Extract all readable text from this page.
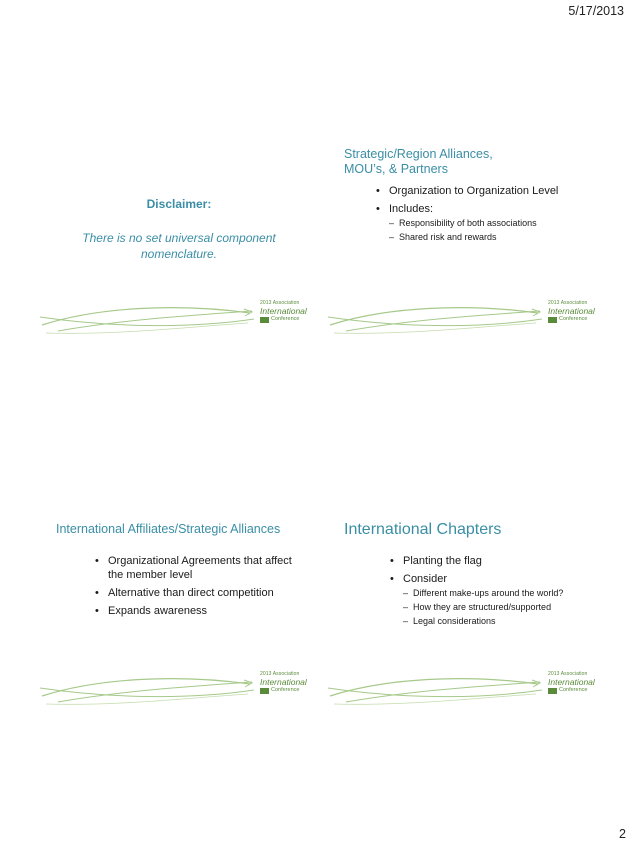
5/17/2013

Disclaimer:

There is no set universal component nomenclature.

2013 Association
International
Conference

Strategic/Region Alliances, MOU’s, & Partners

• Organization to Organization Level
• Includes:
– Responsibility of both associations
– Shared risk and rewards
2013 Association
International
Conference

International Affiliates/Strategic Alliances

• Organizational Agreements that affect the member level
• Alternative than direct competition
• Expands awareness
2013 Association
International
Conference

International Chapters

• Planting the flag
• Consider
– Different make-ups around the world?
– How they are structured/supported
– Legal considerations
2013 Association
International
Conference
2
